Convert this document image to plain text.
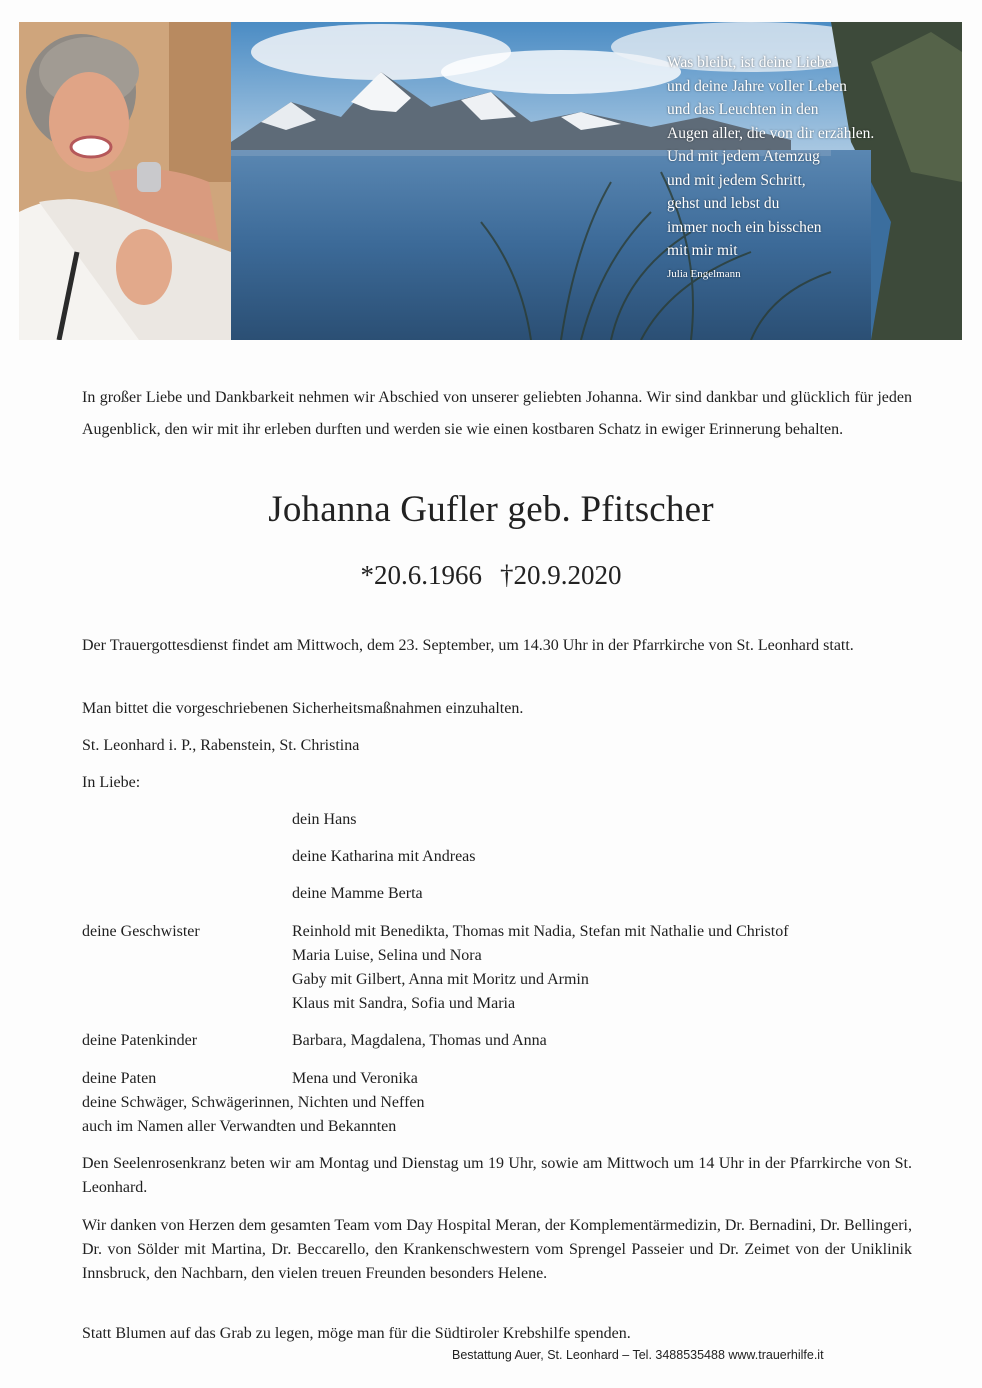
Was bleibt, ist deine Liebe
und deine Jahre voller Leben
und das Leuchten in den
Augen aller, die von dir erzählen.
Und mit jedem Atemzug
und mit jedem Schritt,
gehst und lebst du
immer noch ein bisschen
mit mir mit
Julia Engelmann

In großer Liebe und Dankbarkeit nehmen wir Abschied von unserer geliebten Johanna. Wir sind dankbar und glücklich für jeden Augenblick, den wir mit ihr erleben durften und werden sie wie einen kostbaren Schatz in ewiger Erinnerung behalten.

Johanna Gufler geb. Pfitscher
*20.6.1966 †20.9.2020

Der Trauergottesdienst findet am Mittwoch, dem 23. September, um 14.30 Uhr in der Pfarrkirche von St. Leonhard statt.

Man bittet die vorgeschriebenen Sicherheitsmaßnahmen einzuhalten.

St. Leonhard i. P., Rabenstein, St. Christina

In Liebe:

dein Hans
deine Katharina mit Andreas
deine Mamme Berta
deine Geschwister	Reinhold mit Benedikta, Thomas mit Nadia, Stefan mit Nathalie und Christof
Maria Luise, Selina und Nora
Gaby mit Gilbert, Anna mit Moritz und Armin
Klaus mit Sandra, Sofia und Maria
deine Patenkinder	Barbara, Magdalena, Thomas und Anna
deine Paten	Mena und Veronika
deine Schwäger, Schwägerinnen, Nichten und Neffen
auch im Namen aller Verwandten und Bekannten

Den Seelenrosenkranz beten wir am Montag und Dienstag um 19 Uhr, sowie am Mittwoch um 14 Uhr in der Pfarrkirche von St. Leonhard.

Wir danken von Herzen dem gesamten Team vom Day Hospital Meran, der Komplementärmedizin, Dr. Bernadini, Dr. Bellingeri, Dr. von Sölder mit Martina, Dr. Beccarello, den Krankenschwestern vom Sprengel Passeier und Dr. Zeimet von der Uniklinik Innsbruck, den Nachbarn, den vielen treuen Freunden besonders Helene.

Statt Blumen auf das Grab zu legen, möge man für die Südtiroler Krebshilfe spenden.

Bestattung Auer, St. Leonhard – Tel. 3488535488 www.trauerhilfe.it
